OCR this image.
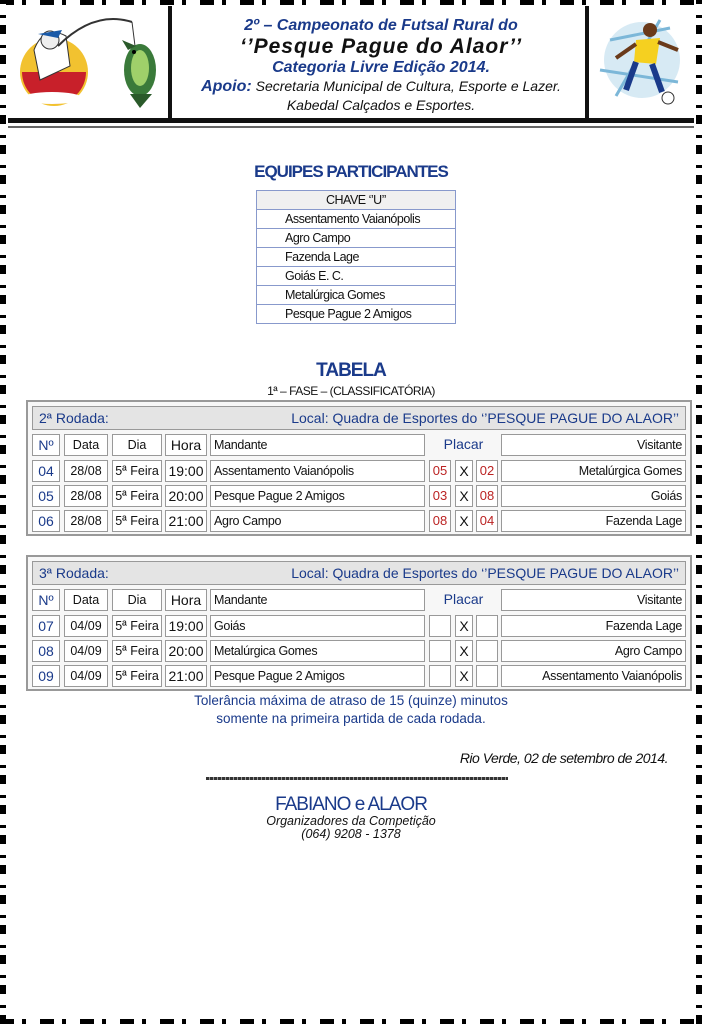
2º – Campeonato de Futsal Rural do
‘’Pesque Pague do Alaor’’
Categoria Livre Edição 2014.
Apoio: Secretaria Municipal de Cultura, Esporte e Lazer.
Kabedal Calçados e Esportes.
EQUIPES PARTICIPANTES
CHAVE ‘’U’’
Assentamento Vaianópolis
Agro Campo
Fazenda Lage
Goiás E. C.
Metalúrgica Gomes
Pesque Pague 2 Amigos
TABELA
1ª – FASE – (CLASSIFICATÓRIA)
2ª Rodada:	Local: Quadra de Esportes do ‘’PESQUE PAGUE DO ALAOR’’
Nº	Data	Dia	Hora	Mandante	Placar	Visitante
04	28/08	5ª Feira 19:00 Assentamento Vaianópolis	05 X 02	Metalúrgica Gomes
05	28/08	5ª Feira 20:00 Pesque Pague 2 Amigos	03 X 08	Goiás
06	28/08	5ª Feira 21:00 Agro Campo	08 X 04	Fazenda Lage
3ª Rodada:	Local: Quadra de Esportes do ‘’PESQUE PAGUE DO ALAOR’’
Nº	Data	Dia	Hora	Mandante	Placar	Visitante
07	04/09	5ª Feira 19:00 Goiás	X	Fazenda Lage
08	04/09	5ª Feira 20:00 Metalúrgica Gomes	X	Agro Campo
09	04/09	5ª Feira 21:00 Pesque Pague 2 Amigos	X	Assentamento Vaianópolis
Tolerância máxima de atraso de 15 (quinze) minutos
somente na primeira partida de cada rodada.
Rio Verde, 02 de setembro de 2014.
FABIANO e ALAOR
Organizadores da Competição
(064) 9208 - 1378
